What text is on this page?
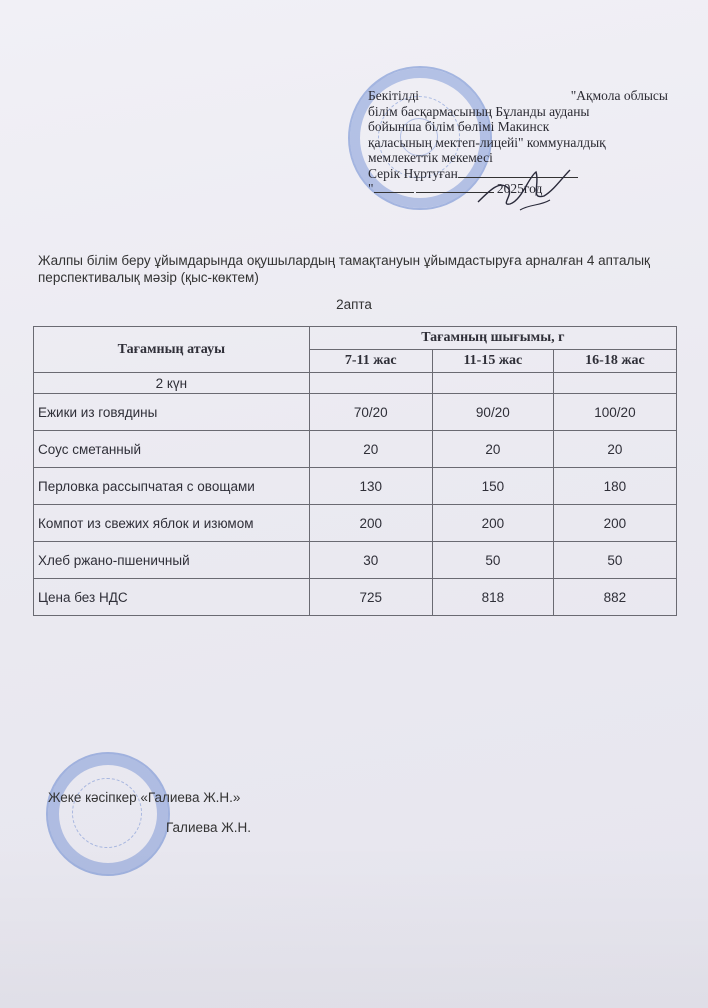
Бекітілді	"Ақмола облысы
білім басқармасының Бұланды ауданы
бойынша білім бөлімі Макинск
қаласының мектеп-лицейі" коммуналдық
мемлекеттік мекемесі
Серік Нұртуған
"	2025год
Жалпы білім беру ұйымдарында оқушылардың тамақтануын ұйымдастыруға арналған 4 апталық перспективалық мәзір (қыс-көктем)
2апта
Тағамның атауы	Тағамның шығымы, г		
	7-11 жас	11-15 жас	16-18 жас
2 күн			
Ежики из говядины	70/20	90/20	100/20
Соус сметанный	20	20	20
Перловка рассыпчатая с овощами	130	150	180
Компот из свежих яблок и изюмом	200	200	200
Хлеб ржано-пшеничный	30	50	50
Цена без НДС	725	818	882
Жеке кәсіпкер «Галиева Ж.Н.»
Галиева Ж.Н.
